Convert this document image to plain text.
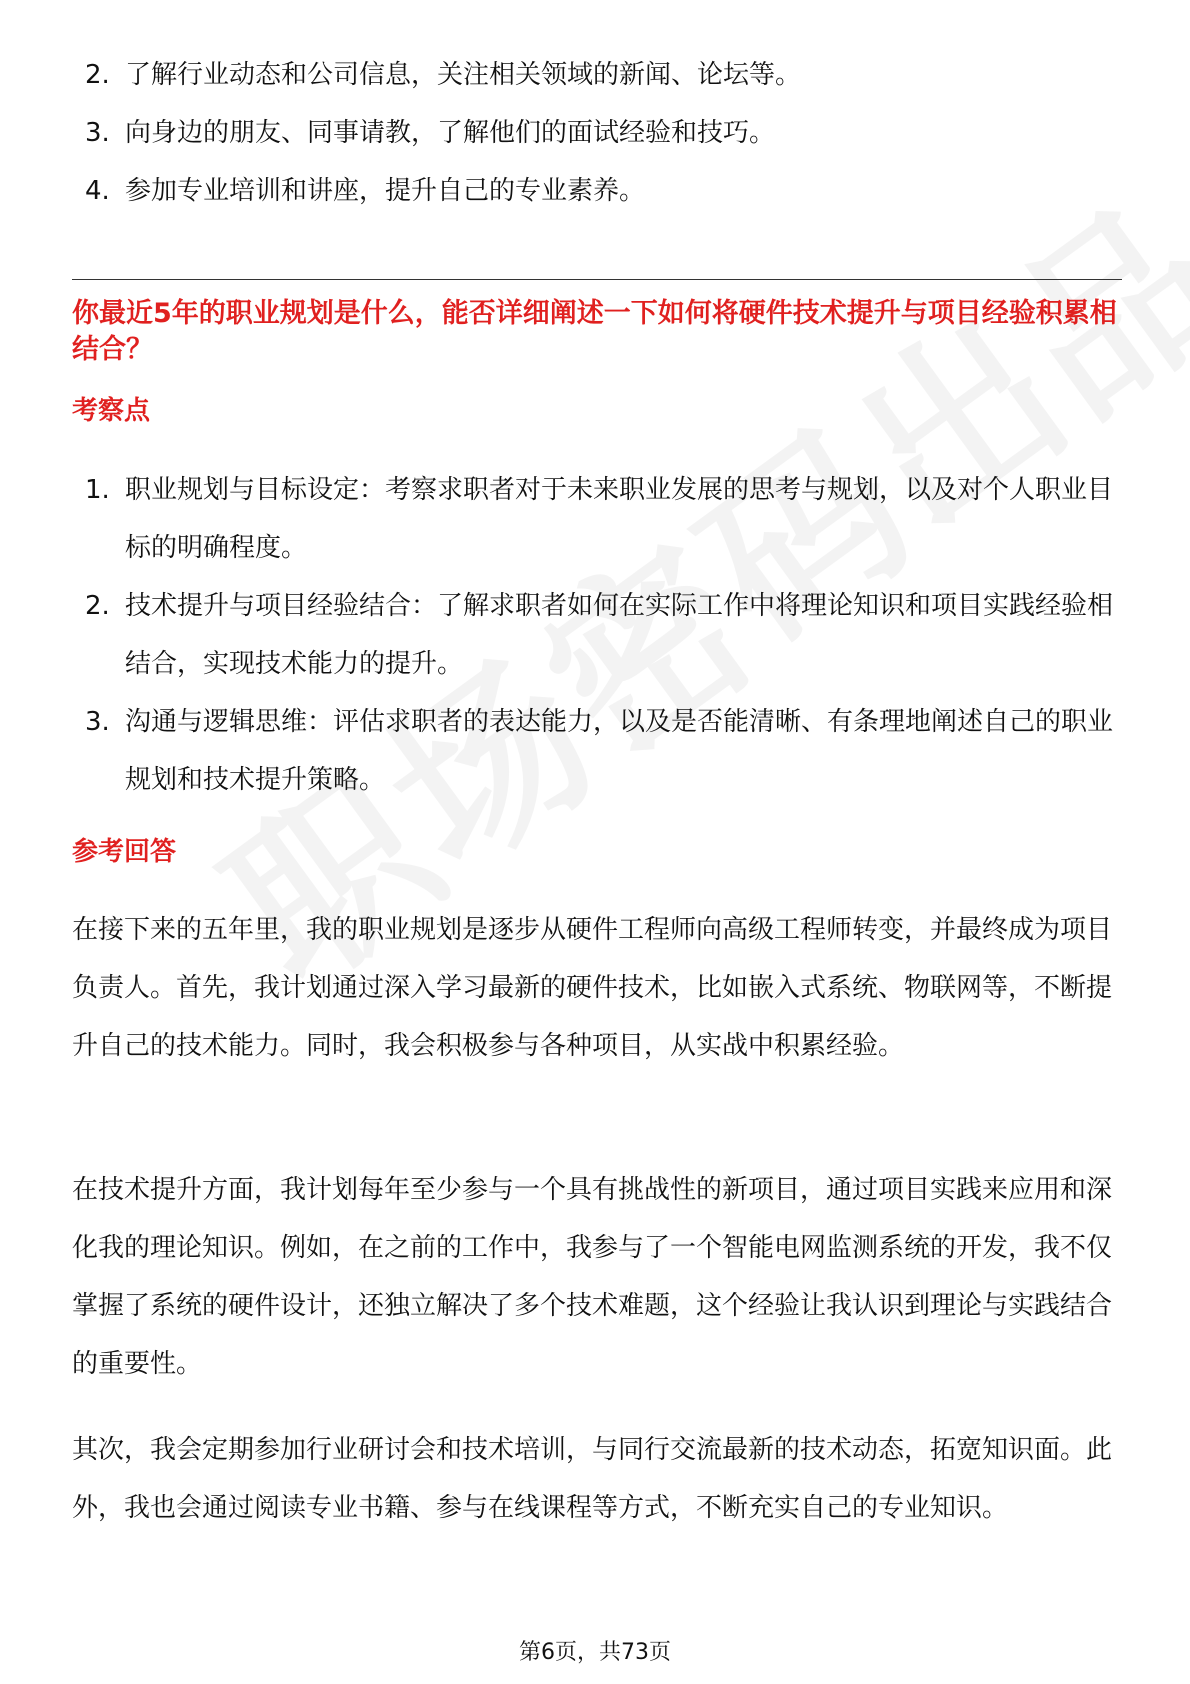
2. 了解行业动态和公司信息，关注相关领域的新闻、论坛等。
3. 向身边的朋友、同事请教，了解他们的面试经验和技巧。
4. 参加专业培训和讲座，提升自己的专业素养。
你最近5年的职业规划是什么，能否详细阐述一下如何将硬件技术提升与项目经验积累相结合？
考察点
1. 职业规划与目标设定：考察求职者对于未来职业发展的思考与规划，以及对个人职业目标的明确程度。
2. 技术提升与项目经验结合：了解求职者如何在实际工作中将理论知识和项目实践经验相结合，实现技术能力的提升。
3. 沟通与逻辑思维：评估求职者的表达能力，以及是否能清晰、有条理地阐述自己的职业规划和技术提升策略。
参考回答

在接下来的五年里，我的职业规划是逐步从硬件工程师向高级工程师转变，并最终成为项目负责人。首先，我计划通过深入学习最新的硬件技术，比如嵌入式系统、物联网等，不断提升自己的技术能力。同时，我会积极参与各种项目，从实战中积累经验。

在技术提升方面，我计划每年至少参与一个具有挑战性的新项目，通过项目实践来应用和深化我的理论知识。例如，在之前的工作中，我参与了一个智能电网监测系统的开发，我不仅掌握了系统的硬件设计，还独立解决了多个技术难题，这个经验让我认识到理论与实践结合的重要性。

其次，我会定期参加行业研讨会和技术培训，与同行交流最新的技术动态，拓宽知识面。此外，我也会通过阅读专业书籍、参与在线课程等方式，不断充实自己的专业知识。

第6页，共73页
